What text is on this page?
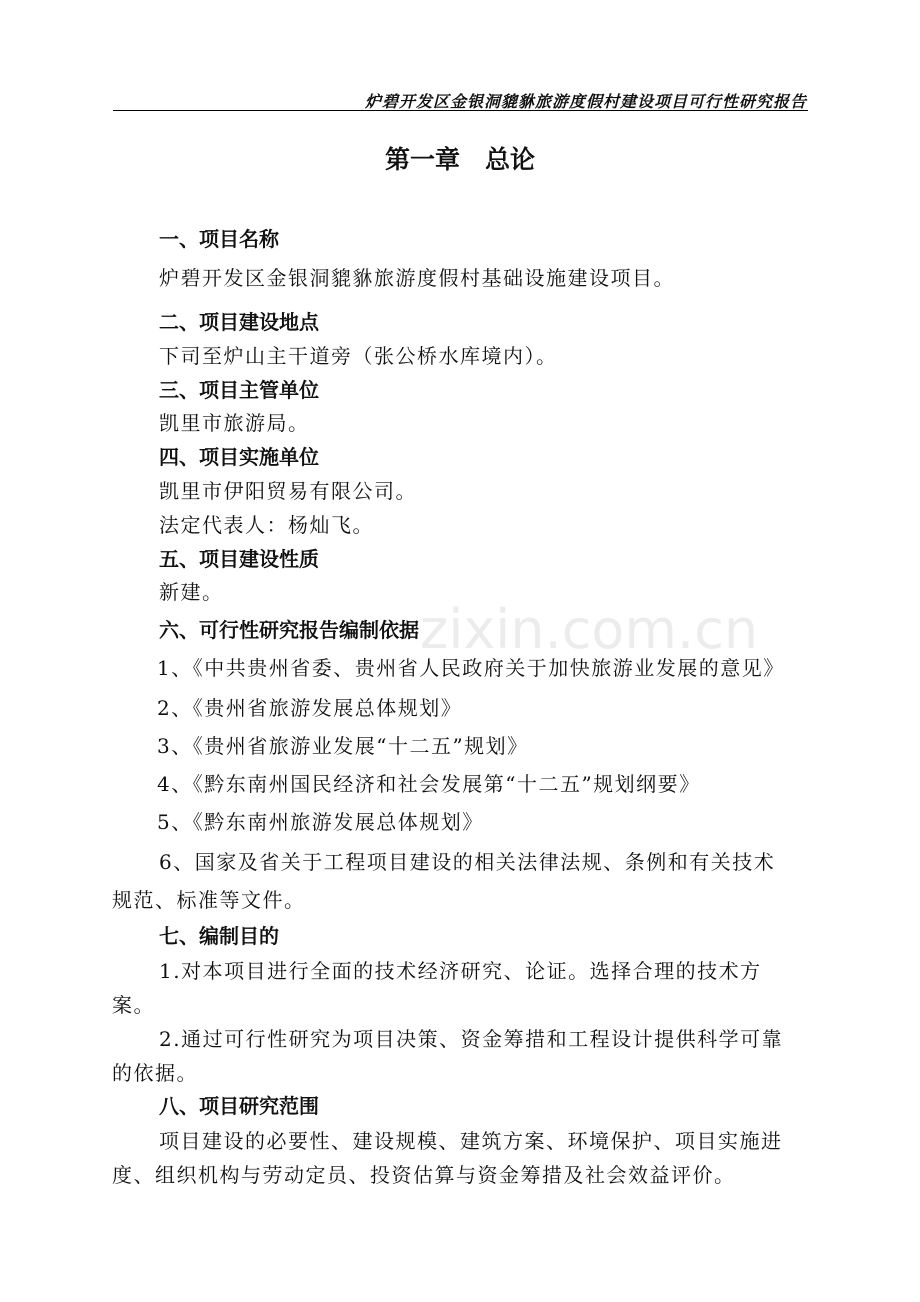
炉碧开发区金银洞貔貅旅游度假村建设项目可行性研究报告
第一章　总论
一、项目名称
炉碧开发区金银洞貔貅旅游度假村基础设施建设项目。
二、项目建设地点
下司至炉山主干道旁（张公桥水库境内）。
三、项目主管单位
凯里市旅游局。
四、项目实施单位
凯里市伊阳贸易有限公司。
法定代表人：杨灿飞。
五、项目建设性质
新建。
六、可行性研究报告编制依据
1、《中共贵州省委、贵州省人民政府关于加快旅游业发展的意见》
2、《贵州省旅游发展总体规划》
3、《贵州省旅游业发展“十二五”规划》
4、《黔东南州国民经济和社会发展第“十二五”规划纲要》
5、《黔东南州旅游发展总体规划》
6、国家及省关于工程项目建设的相关法律法规、条例和有关技术
规范、标准等文件。
七、编制目的
1.对本项目进行全面的技术经济研究、论证。选择合理的技术方
案。
2.通过可行性研究为项目决策、资金筹措和工程设计提供科学可靠
的依据。
八、项目研究范围
项目建设的必要性、建设规模、建筑方案、环境保护、项目实施进
度、组织机构与劳动定员、投资估算与资金筹措及社会效益评价。
zixin.com.cn
